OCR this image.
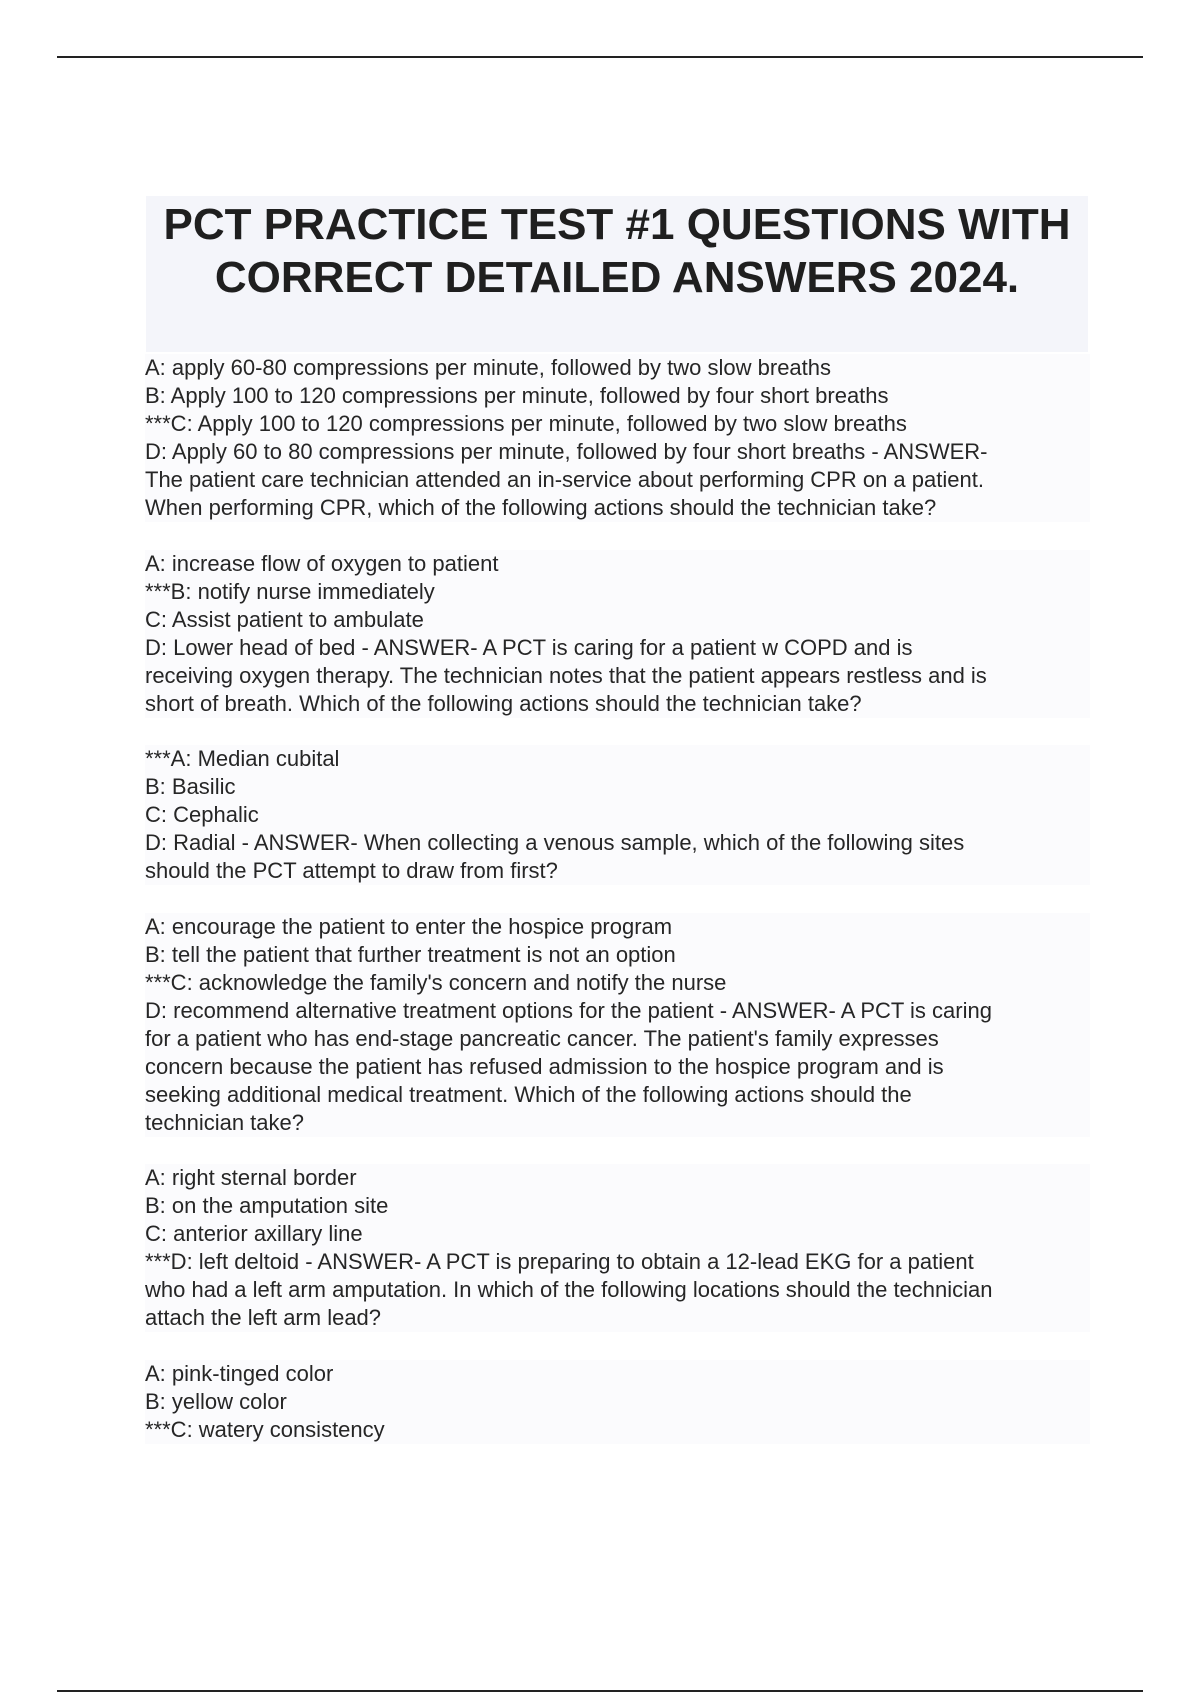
PCT PRACTICE TEST #1 QUESTIONS WITH CORRECT DETAILED ANSWERS 2024.
A: apply 60-80 compressions per minute, followed by two slow breaths
B: Apply 100 to 120 compressions per minute, followed by four short breaths
***C: Apply 100 to 120 compressions per minute, followed by two slow breaths
D: Apply 60 to 80 compressions per minute, followed by four short breaths - ANSWER-
The patient care technician attended an in-service about performing CPR on a patient.
When performing CPR, which of the following actions should the technician take?
A: increase flow of oxygen to patient
***B: notify nurse immediately
C: Assist patient to ambulate
D: Lower head of bed - ANSWER- A PCT is caring for a patient w COPD and is
receiving oxygen therapy. The technician notes that the patient appears restless and is
short of breath. Which of the following actions should the technician take?
***A: Median cubital
B: Basilic
C: Cephalic
D: Radial - ANSWER- When collecting a venous sample, which of the following sites
should the PCT attempt to draw from first?
A: encourage the patient to enter the hospice program
B: tell the patient that further treatment is not an option
***C: acknowledge the family's concern and notify the nurse
D: recommend alternative treatment options for the patient - ANSWER- A PCT is caring
for a patient who has end-stage pancreatic cancer. The patient's family expresses
concern because the patient has refused admission to the hospice program and is
seeking additional medical treatment. Which of the following actions should the
technician take?
A: right sternal border
B: on the amputation site
C: anterior axillary line
***D: left deltoid - ANSWER- A PCT is preparing to obtain a 12-lead EKG for a patient
who had a left arm amputation. In which of the following locations should the technician
attach the left arm lead?
A: pink-tinged color
B: yellow color
***C: watery consistency
